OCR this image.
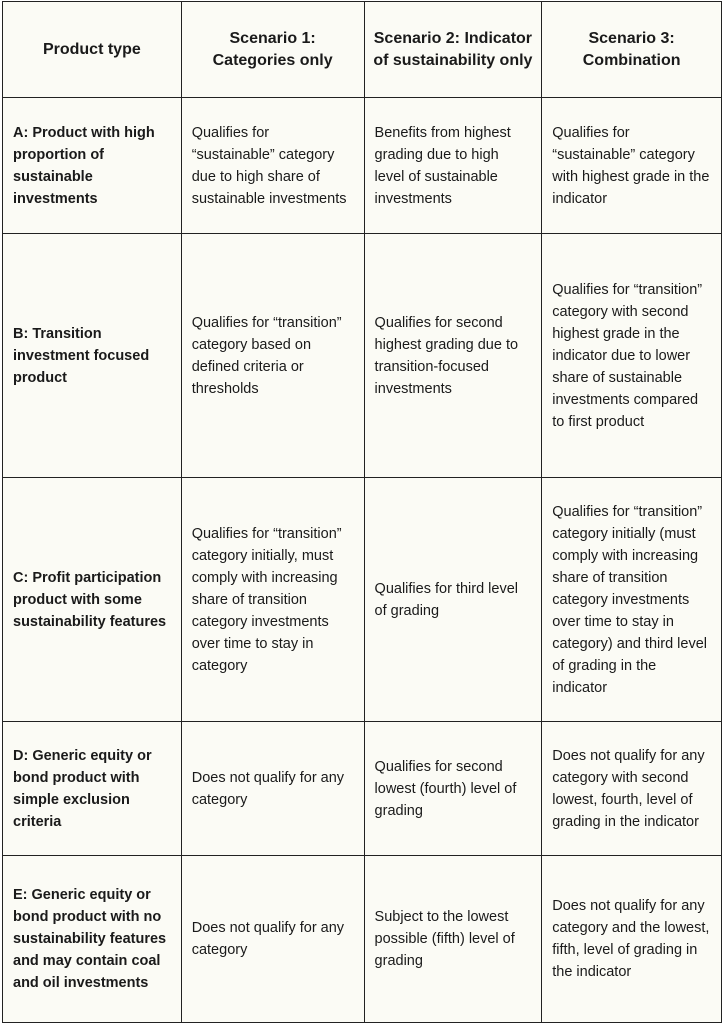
Product type	Scenario 1: Categories only	Scenario 2: Indicator of sustainability only	Scenario 3: Combination
A: Product with high proportion of sustainable investments	Qualifies for “sustainable” category due to high share of sustainable investments	Benefits from highest grading due to high level of sustainable investments	Qualifies for “sustainable” category with highest grade in the indicator
B: Transition investment focused product	Qualifies for “transition” category based on defined criteria or thresholds	Qualifies for second highest grading due to transition-focused investments	Qualifies for “transition” category with second highest grade in the indicator due to lower share of sustainable investments compared to first product
C: Profit participation product with some sustainability features	Qualifies for “transition” category initially, must comply with increasing share of transition category investments over time to stay in category	Qualifies for third level of grading	Qualifies for “transition” category initially (must comply with increasing share of transition category investments over time to stay in category) and third level of grading in the indicator
D: Generic equity or bond product with simple exclusion criteria	Does not qualify for any category	Qualifies for second lowest (fourth) level of grading	Does not qualify for any category with second lowest, fourth, level of grading in the indicator
E: Generic equity or bond product with no sustainability features and may contain coal and oil investments	Does not qualify for any category	Subject to the lowest possible (fifth) level of grading	Does not qualify for any category and the lowest, fifth, level of grading in the indicator
